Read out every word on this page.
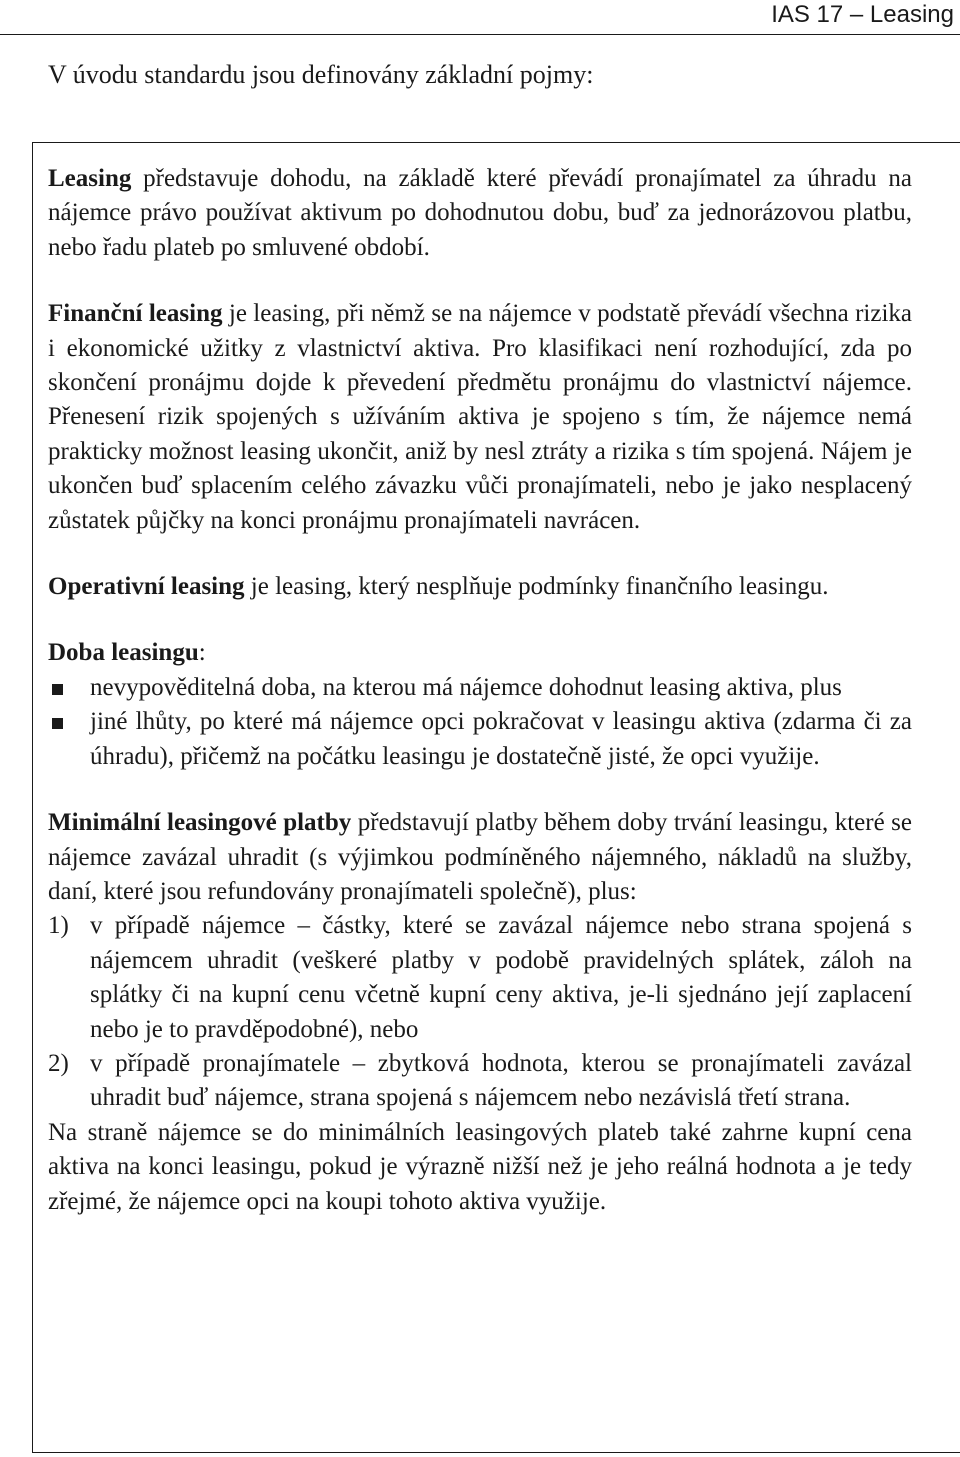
IAS 17 – Leasing
V úvodu standardu jsou definovány základní pojmy:

Leasing představuje dohodu, na základě které převádí pronajímatel za úhradu na nájemce právo používat aktivum po dohodnutou dobu, buď za jednorázovou platbu, nebo řadu plateb po smluvené období.

Finanční leasing je leasing, při němž se na nájemce v podstatě převádí všechna rizika i ekonomické užitky z vlastnictví aktiva. Pro klasifikaci není rozhodující, zda po skončení pronájmu dojde k převedení předmětu pronájmu do vlastnictví nájemce. Přenesení rizik spojených s užíváním aktiva je spojeno s tím, že nájemce nemá prakticky možnost leasing ukončit, aniž by nesl ztráty a rizika s tím spojená. Nájem je ukončen buď splacením celého závazku vůči pronajímateli, nebo je jako nesplacený zůstatek půjčky na konci pronájmu pronajímateli navrácen.

Operativní leasing je leasing, který nesplňuje podmínky finančního leasingu.

Doba leasingu:

nevypověditelná doba, na kterou má nájemce dohodnut leasing aktiva, plus
jiné lhůty, po které má nájemce opci pokračovat v leasingu aktiva (zdarma či za úhradu), přičemž na počátku leasingu je dostatečně jisté, že opci využije.

Minimální leasingové platby představují platby během doby trvání leasingu, které se nájemce zavázal uhradit (s výjimkou podmíněného nájemného, nákladů na služby, daní, které jsou refundovány pronajímateli společně), plus:

1) v případě nájemce – částky, které se zavázal nájemce nebo strana spojená s nájemcem uhradit (veškeré platby v podobě pravidelných splátek, záloh na splátky či na kupní cenu včetně kupní ceny aktiva, je-li sjednáno její zaplacení nebo je to pravděpodobné), nebo
2) v případě pronajímatele – zbytková hodnota, kterou se pronajímateli zavázal uhradit buď nájemce, strana spojená s nájemcem nebo nezávislá třetí strana.

Na straně nájemce se do minimálních leasingových plateb také zahrne kupní cena aktiva na konci leasingu, pokud je výrazně nižší než je jeho reálná hodnota a je tedy zřejmé, že nájemce opci na koupi tohoto aktiva využije.
